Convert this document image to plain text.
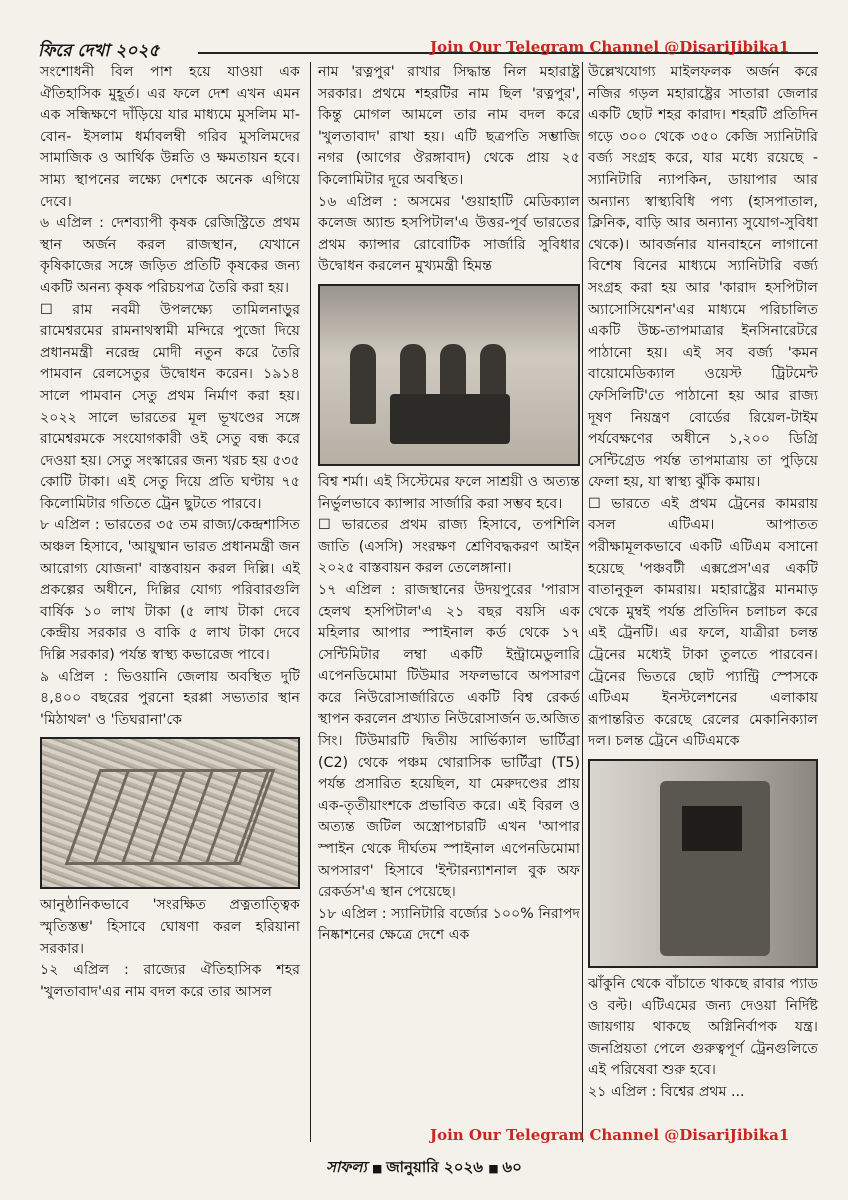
ফিরে দেখা ২০২৫	Join Our Telegram Channel @DisariJibika1

সংশোধনী বিল পাশ হয়ে যাওয়া এক ঐতিহাসিক মুহূর্ত। এর ফলে দেশ এখন এমন এক সন্ধিক্ষণে দাঁড়িয়ে যার মাধ্যমে মুসলিম মা-বোন- ইসলাম ধর্মাবলম্বী গরিব মুসলিমদের সামাজিক ও আর্থিক উন্নতি ও ক্ষমতায়ন হবে। সাম্য স্থাপনের লক্ষ্যে দেশকে অনেক এগিয়ে দেবে।

৬ এপ্রিল : দেশব্যাপী কৃষক রেজিস্ট্রিতে প্রথম স্থান অর্জন করল রাজস্থান, যেখানে কৃষিকাজের সঙ্গে জড়িত প্রতিটি কৃষকের জন্য একটি অনন্য কৃষক পরিচয়পত্র তৈরি করা হয়।

☐ রাম নবমী উপলক্ষ্যে তামিলনাড়ুর রামেশ্বরমের রামনাথস্বামী মন্দিরে পুজো দিয়ে প্রধানমন্ত্রী নরেন্দ্র মোদী নতুন করে তৈরি পামবান রেলসেতুর উদ্বোধন করেন। ১৯১৪ সালে পামবান সেতু প্রথম নির্মাণ করা হয়। ২০২২ সালে ভারতের মূল ভূখণ্ডের সঙ্গে রামেশ্বরমকে সংযোগকারী ওই সেতু বন্ধ করে দেওয়া হয়। সেতু সংস্কারের জন্য খরচ হয় ৫৩৫ কোটি টাকা। এই সেতু দিয়ে প্রতি ঘণ্টায় ৭৫ কিলোমিটার গতিতে ট্রেন ছুটতে পারবে।

৮ এপ্রিল : ভারতের ৩৫ তম রাজ্য/কেন্দ্রশাসিত অঞ্চল হিসাবে, 'আয়ুষ্মান ভারত প্রধানমন্ত্রী জন আরোগ্য যোজনা' বাস্তবায়ন করল দিল্লি। এই প্রকল্পের অধীনে, দিল্লির যোগ্য পরিবারগুলি বার্ষিক ১০ লাখ টাকা (৫ লাখ টাকা দেবে কেন্দ্রীয় সরকার ও বাকি ৫ লাখ টাকা দেবে দিল্লি সরকার) পর্যন্ত স্বাস্থ্য কভারেজ পাবে।

৯ এপ্রিল : ভিওয়ানি জেলায় অবস্থিত দুটি ৪,৪০০ বছরের পুরনো হরপ্পা সভ্যতার স্থান 'মিঠাথল' ও 'তিঘরানা'কে

আনুষ্ঠানিকভাবে 'সংরক্ষিত প্রত্নতাত্ত্বিক স্মৃতিস্তম্ভ' হিসাবে ঘোষণা করল হরিয়ানা সরকার।

১২ এপ্রিল : রাজ্যের ঐতিহাসিক শহর 'খুলতাবাদ'এর নাম বদল করে তার আসল

নাম 'রত্নপুর' রাখার সিদ্ধান্ত নিল মহারাষ্ট্র সরকার। প্রথমে শহরটির নাম ছিল 'রত্নপুর', কিন্তু মোগল আমলে তার নাম বদল করে 'খুলতাবাদ' রাখা হয়। এটি ছত্রপতি সম্ভাজি নগর (আগের ঔরঙ্গাবাদ) থেকে প্রায় ২৫ কিলোমিটার দূরে অবস্থিত।

১৬ এপ্রিল : অসমের 'গুয়াহাটি মেডিক্যাল কলেজ অ্যান্ড হসপিটাল'এ উত্তর-পূর্ব ভারতের প্রথম ক্যান্সার রোবোটিক সার্জারি সুবিধার উদ্বোধন করলেন মুখ্যমন্ত্রী হিমন্ত

বিশ্ব শর্মা। এই সিস্টেমের ফলে সাশ্রয়ী ও অত্যন্ত নির্ভুলভাবে ক্যান্সার সার্জারি করা সম্ভব হবে।

☐ ভারতের প্রথম রাজ্য হিসাবে, তপশিলি জাতি (এসসি) সংরক্ষণ শ্রেণিবদ্ধকরণ আইন ২০২৫ বাস্তবায়ন করল তেলেঙ্গানা।

১৭ এপ্রিল : রাজস্থানের উদয়পুরের 'পারাস হেলথ হসপিটাল'এ ২১ বছর বয়সি এক মহিলার আপার স্পাইনাল কর্ড থেকে ১৭ সেন্টিমিটার লম্বা একটি ইন্ট্রামেডুলারি এপেনডিমোমা টিউমার সফলভাবে অপসারণ করে নিউরোসার্জারিতে একটি বিশ্ব রেকর্ড স্থাপন করলেন প্রখ্যাত নিউরোসার্জন ড.অজিত সিং। টিউমারটি দ্বিতীয় সার্ভিক্যাল ভার্টিব্রা (C2) থেকে পঞ্চম থোরাসিক ভার্টিব্রা (T5) পর্যন্ত প্রসারিত হয়েছিল, যা মেরুদণ্ডের প্রায় এক-তৃতীয়াংশকে প্রভাবিত করে। এই বিরল ও অত্যন্ত জটিল অস্ত্রোপচারটি এখন 'আপার স্পাইন থেকে দীর্ঘতম স্পাইনাল এপেনডিমোমা অপসারণ' হিসাবে 'ইন্টারন্যাশনাল বুক অফ রেকর্ডস'এ স্থান পেয়েছে।

১৮ এপ্রিল : স্যানিটারি বর্জ্যের ১০০% নিরাপদ নিষ্কাশনের ক্ষেত্রে দেশে এক

উল্লেখযোগ্য মাইলফলক অর্জন করে নজির গড়ল মহারাষ্ট্রের সাতারা জেলার একটি ছোট শহর কারাদ। শহরটি প্রতিদিন গড়ে ৩০০ থেকে ৩৫০ কেজি স্যানিটারি বর্জ্য সংগ্রহ করে, যার মধ্যে রয়েছে - স্যানিটারি ন্যাপকিন, ডায়াপার আর অন্যান্য স্বাস্থ্যবিধি পণ্য (হাসপাতাল, ক্লিনিক, বাড়ি আর অন্যান্য সুযোগ-সুবিধা থেকে)। আবর্জনার যানবাহনে লাগানো বিশেষ বিনের মাধ্যমে স্যানিটারি বর্জ্য সংগ্রহ করা হয় আর 'কারাদ হসপিটাল অ্যাসোসিয়েশন'এর মাধ্যমে পরিচালিত একটি উচ্চ-তাপমাত্রার ইনসিনারেটরে পাঠানো হয়। এই সব বর্জ্য 'কমন বায়োমেডিক্যাল ওয়েস্ট ট্রিটমেন্ট ফেসিলিটি'তে পাঠানো হয় আর রাজ্য দূষণ নিয়ন্ত্রণ বোর্ডের রিয়েল-টাইম পর্যবেক্ষণের অধীনে ১,২০০ ডিগ্রি সেন্টিগ্রেড পর্যন্ত তাপমাত্রায় তা পুড়িয়ে ফেলা হয়, যা স্বাস্থ্য ঝুঁকি কমায়।

☐ ভারতে এই প্রথম ট্রেনের কামরায় বসল এটিএম। আপাতত পরীক্ষামূলকভাবে একটি এটিএম বসানো হয়েছে 'পঞ্চবটী এক্সপ্রেস'এর একটি বাতানুকূল কামরায়। মহারাষ্ট্রের মানমাড় থেকে মুম্বই পর্যন্ত প্রতিদিন চলাচল করে এই ট্রেনটি। এর ফলে, যাত্রীরা চলন্ত ট্রেনের মধ্যেই টাকা তুলতে পারবেন। ট্রেনের ভিতরে ছোট প্যান্ট্রি স্পেসকে এটিএম ইনস্টলেশনের এলাকায় রূপান্তরিত করেছে রেলের মেকানিক্যাল দল। চলন্ত ট্রেনে এটিএমকে

ঝাঁকুনি থেকে বাঁচাতে থাকছে রাবার প্যাড ও বল্ট। এটিএমের জন্য দেওয়া নির্দিষ্ট জায়গায় থাকছে অগ্নিনির্বাপক যন্ত্র। জনপ্রিয়তা পেলে গুরুত্বপূর্ণ ট্রেনগুলিতে এই পরিষেবা শুরু হবে।

২১ এপ্রিল : বিশ্বের প্রথম ...

Join Our Telegram Channel @DisariJibika1
সাফল্য ■ জানুয়ারি ২০২৬ ■ ৬০
